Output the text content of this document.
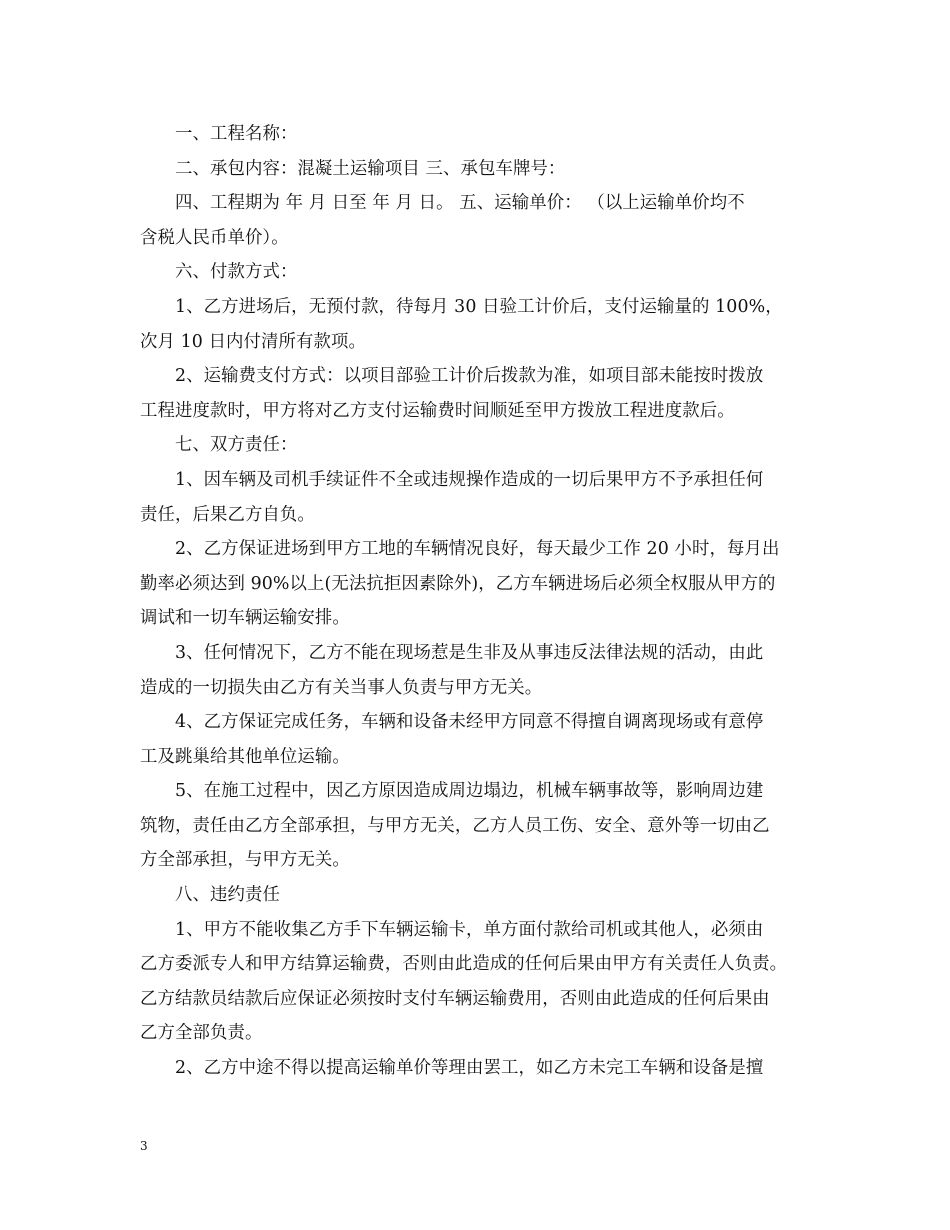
一、工程名称：
二、承包内容：混凝土运输项目 三、承包车牌号：
四、工程期为 年 月 日至 年 月 日。 五、运输单价： （以上运输单价均不
含税人民币单价）。
六、付款方式：
1、乙方进场后，无预付款，待每月 30 日验工计价后，支付运输量的 100%，
次月 10 日内付清所有款项。
2、运输费支付方式：以项目部验工计价后拨款为准，如项目部未能按时拨放
工程进度款时，甲方将对乙方支付运输费时间顺延至甲方拨放工程进度款后。
七、双方责任：
1、因车辆及司机手续证件不全或违规操作造成的一切后果甲方不予承担任何
责任，后果乙方自负。
2、乙方保证进场到甲方工地的车辆情况良好，每天最少工作 20 小时，每月出
勤率必须达到 90%以上(无法抗拒因素除外)，乙方车辆进场后必须全权服从甲方的
调试和一切车辆运输安排。
3、任何情况下，乙方不能在现场惹是生非及从事违反法律法规的活动，由此
造成的一切损失由乙方有关当事人负责与甲方无关。
4、乙方保证完成任务，车辆和设备未经甲方同意不得擅自调离现场或有意停
工及跳巢给其他单位运输。
5、在施工过程中，因乙方原因造成周边塌边，机械车辆事故等，影响周边建
筑物，责任由乙方全部承担，与甲方无关，乙方人员工伤、安全、意外等一切由乙
方全部承担，与甲方无关。
八、违约责任
1、甲方不能收集乙方手下车辆运输卡，单方面付款给司机或其他人，必须由
乙方委派专人和甲方结算运输费，否则由此造成的任何后果由甲方有关责任人负责。
乙方结款员结款后应保证必须按时支付车辆运输费用，否则由此造成的任何后果由
乙方全部负责。
2、乙方中途不得以提高运输单价等理由罢工，如乙方未完工车辆和设备是擅
3
